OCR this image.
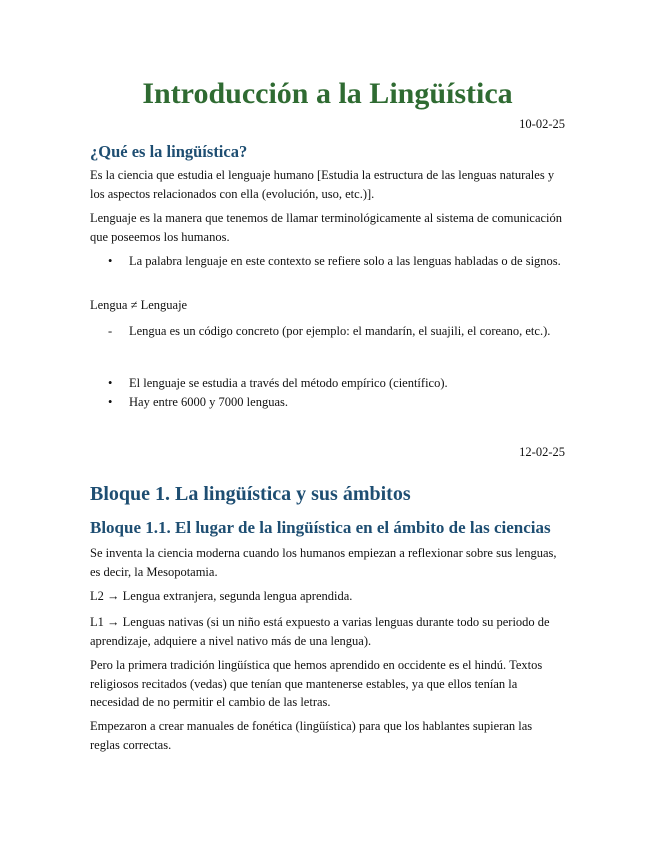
Introducción a la Lingüística
10-02-25
¿Qué es la lingüística?

Es la ciencia que estudia el lenguaje humano [Estudia la estructura de las lenguas naturales y los aspectos relacionados con ella (evolución, uso, etc.)].

Lenguaje es la manera que tenemos de llamar terminológicamente al sistema de comunicación que poseemos los humanos.

•	La palabra lenguaje en este contexto se refiere solo a las lenguas habladas o de signos.

Lengua ≠ Lenguaje

-	Lengua es un código concreto (por ejemplo: el mandarín, el suajili, el coreano, etc.).
•	El lenguaje se estudia a través del método empírico (científico).
•	Hay entre 6000 y 7000 lenguas.
12-02-25
Bloque 1. La lingüística y sus ámbitos
Bloque 1.1. El lugar de la lingüística en el ámbito de las ciencias

Se inventa la ciencia moderna cuando los humanos empiezan a reflexionar sobre sus lenguas, es decir, la Mesopotamia.

L2 → Lengua extranjera, segunda lengua aprendida.

L1 → Lenguas nativas (si un niño está expuesto a varias lenguas durante todo su periodo de aprendizaje, adquiere a nivel nativo más de una lengua).

Pero la primera tradición lingüística que hemos aprendido en occidente es el hindú. Textos religiosos recitados (vedas) que tenían que mantenerse estables, ya que ellos tenían la necesidad de no permitir el cambio de las letras.

Empezaron a crear manuales de fonética (lingüística) para que los hablantes supieran las reglas correctas.
